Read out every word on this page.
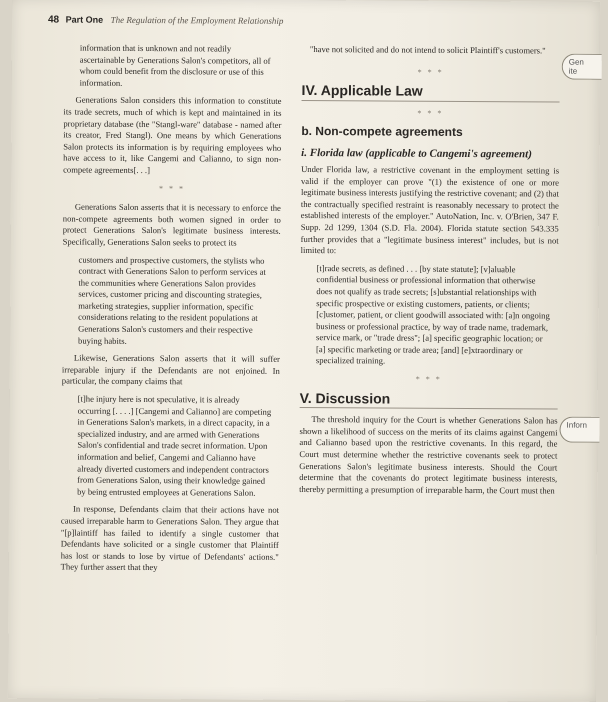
48 Part One The Regulation of the Employment Relationship

information that is unknown and not readily ascertainable by Generations Salon's competitors, all of whom could benefit from the disclosure or use of this information.

Generations Salon considers this information to constitute its trade secrets, much of which is kept and maintained in its proprietary database (the "Stangl-ware" database - named after its creator, Fred Stangl). One means by which Generations Salon protects its information is by requiring employees who have access to it, like Cangemi and Calianno, to sign non-compete agreements[. . .]

* * *

Generations Salon asserts that it is necessary to enforce the non-compete agreements both women signed in order to protect Generations Salon's legitimate business interests. Specifically, Generations Salon seeks to protect its

customers and prospective customers, the stylists who contract with Generations Salon to perform services at the communities where Generations Salon provides services, customer pricing and discounting strategies, marketing strategies, supplier information, specific considerations relating to the resident populations at Generations Salon's customers and their respective buying habits.

Likewise, Generations Salon asserts that it will suffer irreparable injury if the Defendants are not enjoined. In particular, the company claims that

[t]he injury here is not speculative, it is already occurring [. . . .] [Cangemi and Calianno] are competing in Generations Salon's markets, in a direct capacity, in a specialized industry, and are armed with Generations Salon's confidential and trade secret information. Upon information and belief, Cangemi and Calianno have already diverted customers and independent contractors from Generations Salon, using their knowledge gained by being entrusted employees at Generations Salon.

In response, Defendants claim that their actions have not caused irreparable harm to Generations Salon. They argue that "[p]laintiff has failed to identify a single customer that Defendants have solicited or a single customer that Plaintiff has lost or stands to lose by virtue of Defendants' actions." They further assert that they

"have not solicited and do not intend to solicit Plaintiff's customers."

* * *
IV. Applicable Law
* * *
b. Non-compete agreements
i. Florida law (applicable to Cangemi's agreement)

Under Florida law, a restrictive covenant in the employment setting is valid if the employer can prove "(1) the existence of one or more legitimate business interests justifying the restrictive covenant; and (2) that the contractually specified restraint is reasonably necessary to protect the established interests of the employer." AutoNation, Inc. v. O'Brien, 347 F. Supp. 2d 1299, 1304 (S.D. Fla. 2004). Florida statute section 543.335 further provides that a "legitimate business interest" includes, but is not limited to:

[t]rade secrets, as defined . . . [by state statute]; [v]aluable confidential business or professional information that otherwise does not qualify as trade secrets; [s]ubstantial relationships with specific prospective or existing customers, patients, or clients; [c]ustomer, patient, or client goodwill associated with: [a]n ongoing business or professional practice, by way of trade name, trademark, service mark, or "trade dress"; [a] specific geographic location; or [a] specific marketing or trade area; [and] [e]xtraordinary or specialized training.

* * *
V. Discussion

The threshold inquiry for the Court is whether Generations Salon has shown a likelihood of success on the merits of its claims against Cangemi and Calianno based upon the restrictive covenants. In this regard, the Court must determine whether the restrictive covenants seek to protect Generations Salon's legitimate business interests. Should the Court determine that the covenants do protect legitimate business interests, thereby permitting a presumption of irreparable harm, the Court must then

Gen
ite
Inforn
